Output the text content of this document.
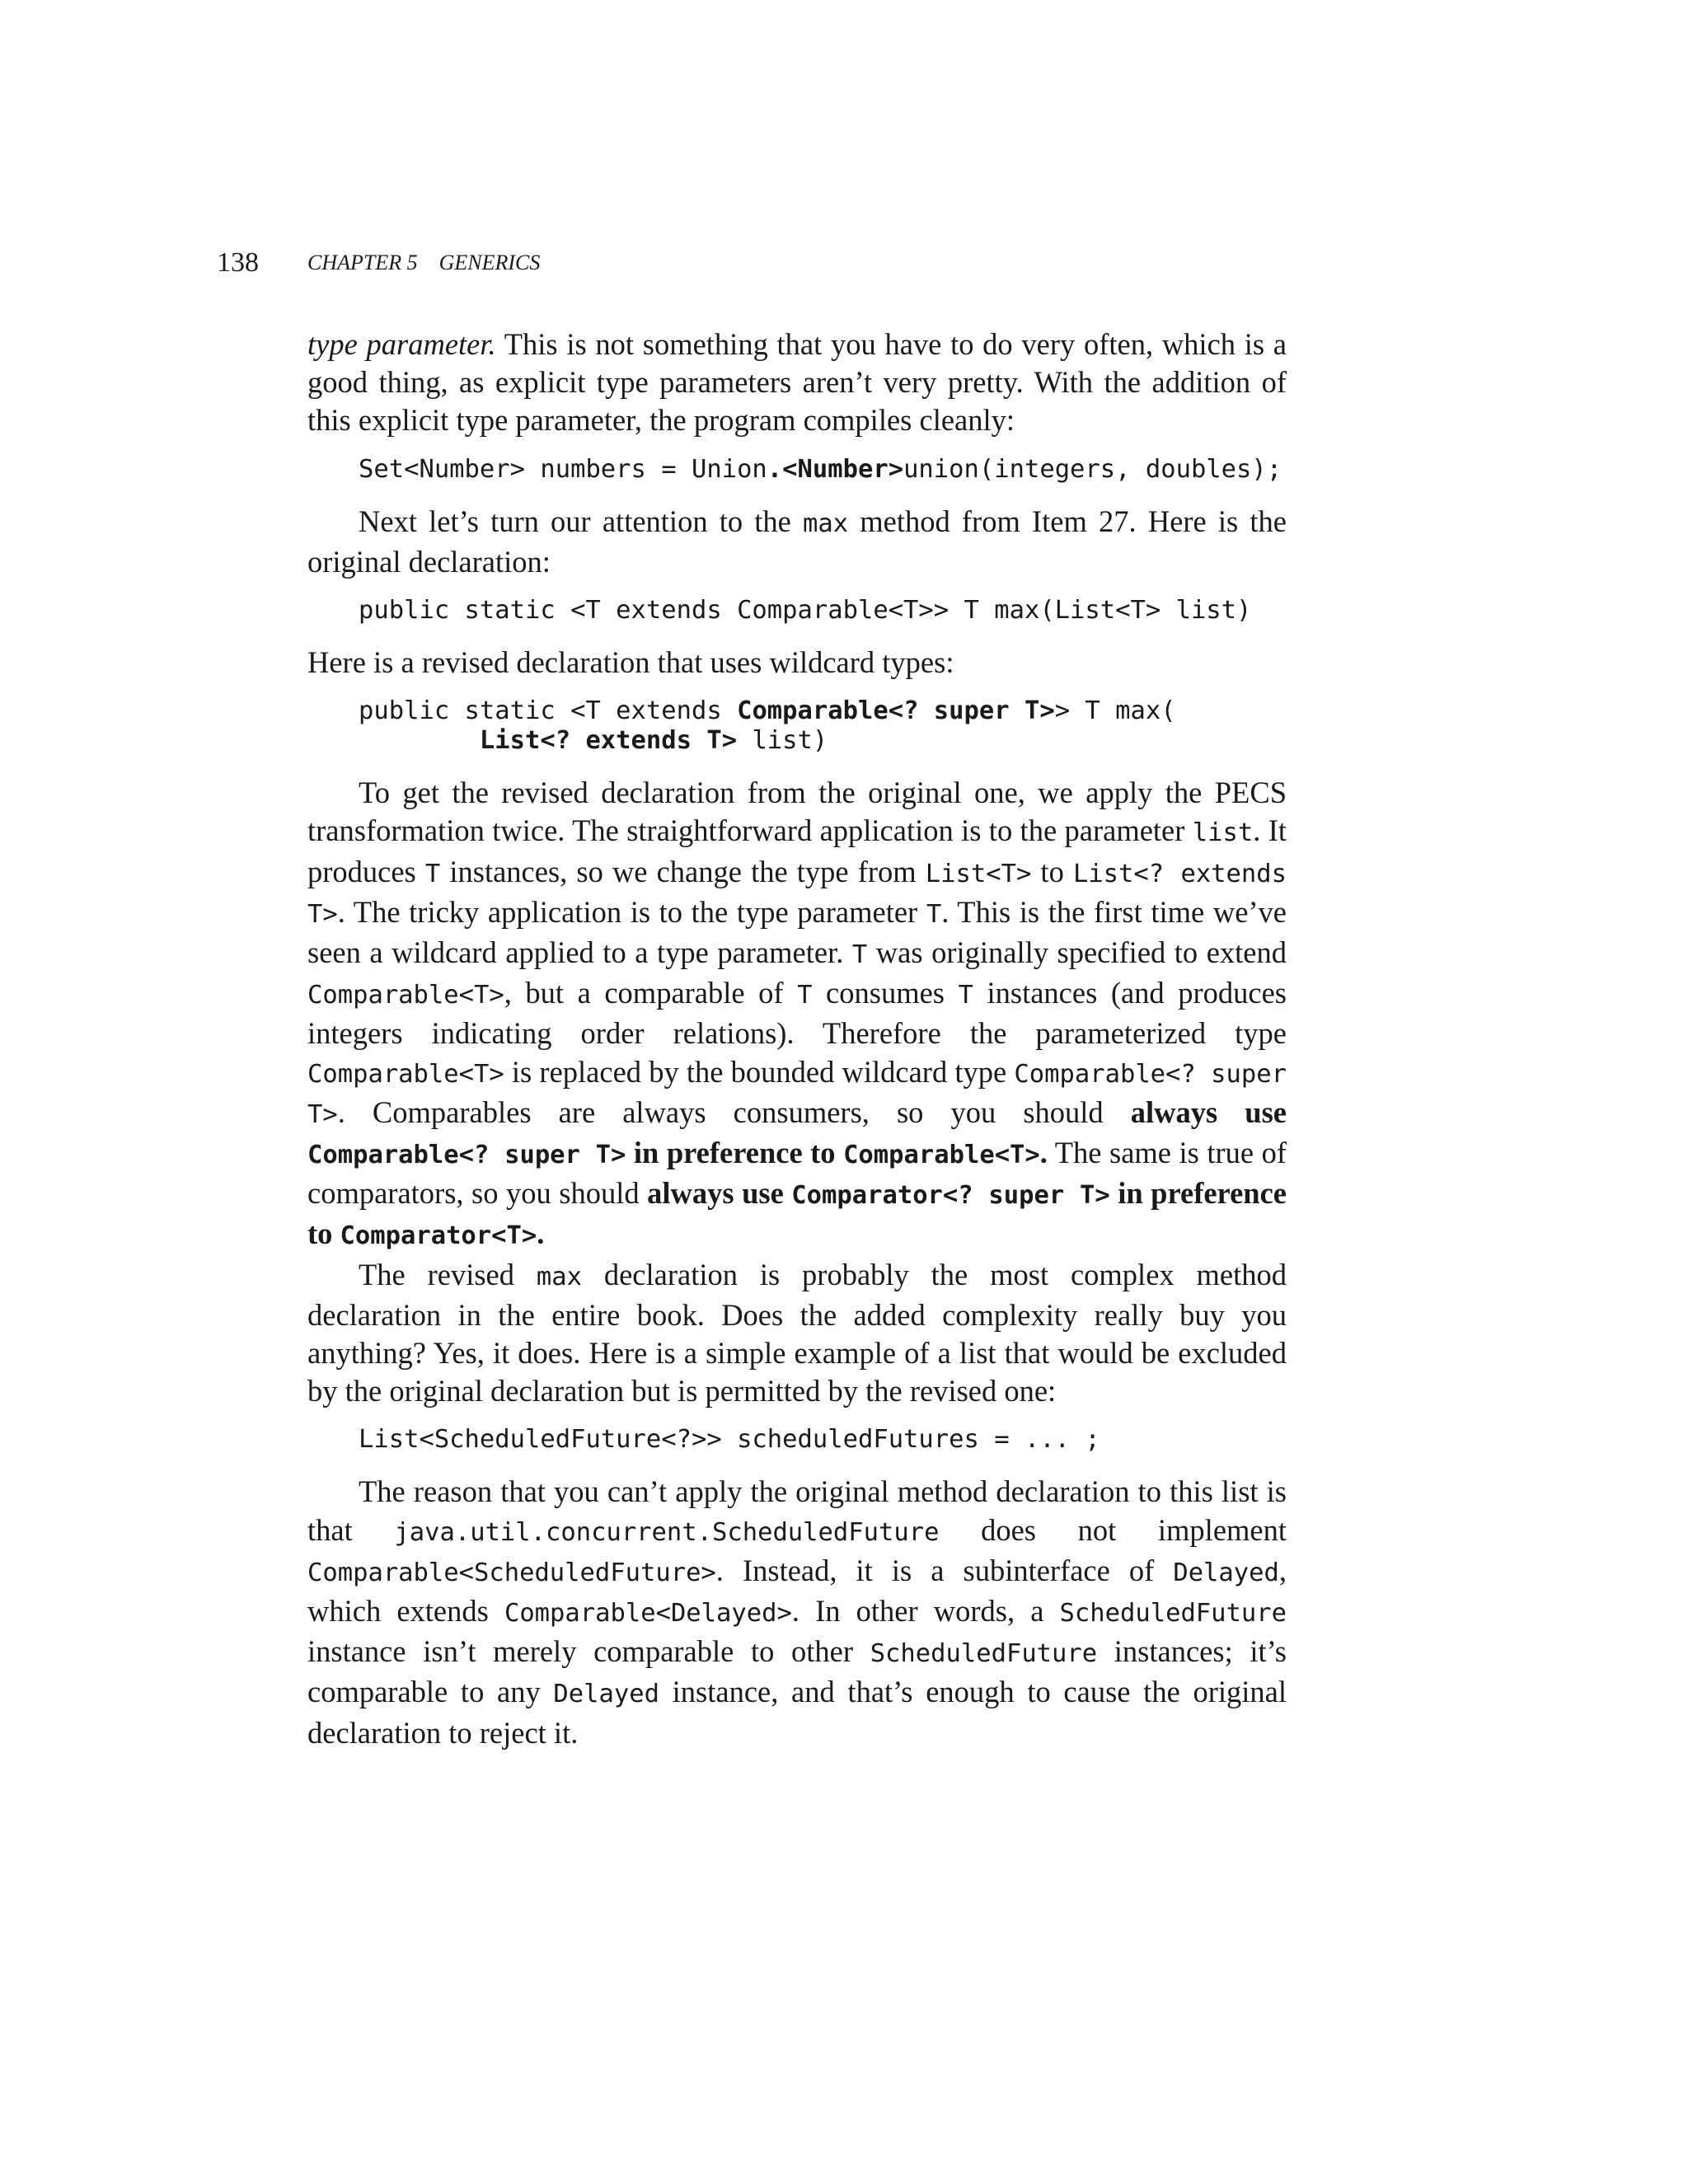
138 CHAPTER 5 GENERICS

type parameter. This is not something that you have to do very often, which is a good thing, as explicit type parameters aren’t very pretty. With the addition of this explicit type parameter, the program compiles cleanly:

Set<Number> numbers = Union.<Number>union(integers, doubles);

Next let’s turn our attention to the max method from Item 27. Here is the original declaration:

public static <T extends Comparable<T>> T max(List<T> list)

Here is a revised declaration that uses wildcard types:

public static <T extends Comparable<? super T>> T max(
List<? extends T> list)

To get the revised declaration from the original one, we apply the PECS transformation twice. The straightforward application is to the parameter list. It produces T instances, so we change the type from List<T> to List<? extends T>. The tricky application is to the type parameter T. This is the first time we’ve seen a wildcard applied to a type parameter. T was originally specified to extend Comparable<T>, but a comparable of T consumes T instances (and produces integers indicating order relations). Therefore the parameterized type Comparable<T> is replaced by the bounded wildcard type Comparable<? super T>. Comparables are always consumers, so you should always use Comparable<? super T> in preference to Comparable<T>. The same is true of comparators, so you should always use Comparator<? super T> in preference to Comparator<T>.

The revised max declaration is probably the most complex method declaration in the entire book. Does the added complexity really buy you anything? Yes, it does. Here is a simple example of a list that would be excluded by the original declaration but is permitted by the revised one:

List<ScheduledFuture<?>> scheduledFutures = ... ;

The reason that you can’t apply the original method declaration to this list is that java.util.concurrent.ScheduledFuture does not implement Comparable<ScheduledFuture>. Instead, it is a subinterface of Delayed, which extends Comparable<Delayed>. In other words, a ScheduledFuture instance isn’t merely comparable to other ScheduledFuture instances; it’s comparable to any Delayed instance, and that’s enough to cause the original declaration to reject it.
